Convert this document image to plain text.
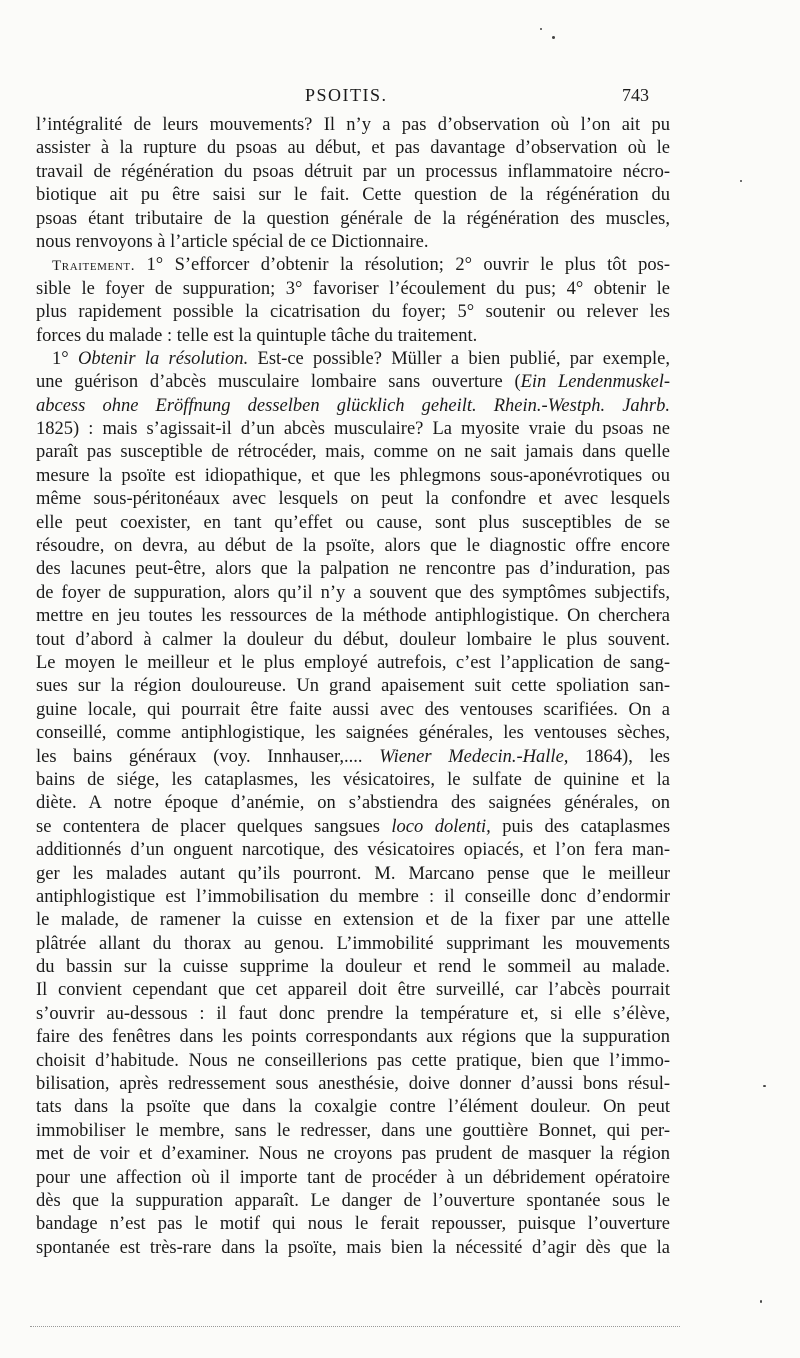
PSOITIS.	743
l’intégralité de leurs mouvements? Il n’y a pas d’observation où l’on ait pu
assister à la rupture du psoas au début, et pas davantage d’observation où le
travail de régénération du psoas détruit par un processus inflammatoire nécro-
biotique ait pu être saisi sur le fait. Cette question de la régénération du
psoas étant tributaire de la question générale de la régénération des muscles,
nous renvoyons à l’article spécial de ce Dictionnaire.
Traitement. 1° S’efforcer d’obtenir la résolution; 2° ouvrir le plus tôt pos-
sible le foyer de suppuration; 3° favoriser l’écoulement du pus; 4° obtenir le
plus rapidement possible la cicatrisation du foyer; 5° soutenir ou relever les
forces du malade : telle est la quintuple tâche du traitement.
1° Obtenir la résolution. Est-ce possible? Müller a bien publié, par exemple,
une guérison d’abcès musculaire lombaire sans ouverture (Ein Lendenmuskel-
abcess ohne Eröffnung desselben glücklich geheilt. Rhein.-Westph. Jahrb.
1825) : mais s’agissait-il d’un abcès musculaire? La myosite vraie du psoas ne
paraît pas susceptible de rétrocéder, mais, comme on ne sait jamais dans quelle
mesure la psoïte est idiopathique, et que les phlegmons sous-aponévrotiques ou
même sous-péritonéaux avec lesquels on peut la confondre et avec lesquels
elle peut coexister, en tant qu’effet ou cause, sont plus susceptibles de se
résoudre, on devra, au début de la psoïte, alors que le diagnostic offre encore
des lacunes peut-être, alors que la palpation ne rencontre pas d’induration, pas
de foyer de suppuration, alors qu’il n’y a souvent que des symptômes subjectifs,
mettre en jeu toutes les ressources de la méthode antiphlogistique. On cherchera
tout d’abord à calmer la douleur du début, douleur lombaire le plus souvent.
Le moyen le meilleur et le plus employé autrefois, c’est l’application de sang-
sues sur la région douloureuse. Un grand apaisement suit cette spoliation san-
guine locale, qui pourrait être faite aussi avec des ventouses scarifiées. On a
conseillé, comme antiphlogistique, les saignées générales, les ventouses sèches,
les bains généraux (voy. Innhauser,.... Wiener Medecin.-Halle, 1864), les
bains de siége, les cataplasmes, les vésicatoires, le sulfate de quinine et la
diète. A notre époque d’anémie, on s’abstiendra des saignées générales, on
se contentera de placer quelques sangsues loco dolenti, puis des cataplasmes
additionnés d’un onguent narcotique, des vésicatoires opiacés, et l’on fera man-
ger les malades autant qu’ils pourront. M. Marcano pense que le meilleur
antiphlogistique est l’immobilisation du membre : il conseille donc d’endormir
le malade, de ramener la cuisse en extension et de la fixer par une attelle
plâtrée allant du thorax au genou. L’immobilité supprimant les mouvements
du bassin sur la cuisse supprime la douleur et rend le sommeil au malade.
Il convient cependant que cet appareil doit être surveillé, car l’abcès pourrait
s’ouvrir au-dessous : il faut donc prendre la température et, si elle s’élève,
faire des fenêtres dans les points correspondants aux régions que la suppuration
choisit d’habitude. Nous ne conseillerions pas cette pratique, bien que l’immo-
bilisation, après redressement sous anesthésie, doive donner d’aussi bons résul-
tats dans la psoïte que dans la coxalgie contre l’élément douleur. On peut
immobiliser le membre, sans le redresser, dans une gouttière Bonnet, qui per-
met de voir et d’examiner. Nous ne croyons pas prudent de masquer la région
pour une affection où il importe tant de procéder à un débridement opératoire
dès que la suppuration apparaît. Le danger de l’ouverture spontanée sous le
bandage n’est pas le motif qui nous le ferait repousser, puisque l’ouverture
spontanée est très-rare dans la psoïte, mais bien la nécessité d’agir dès que la
